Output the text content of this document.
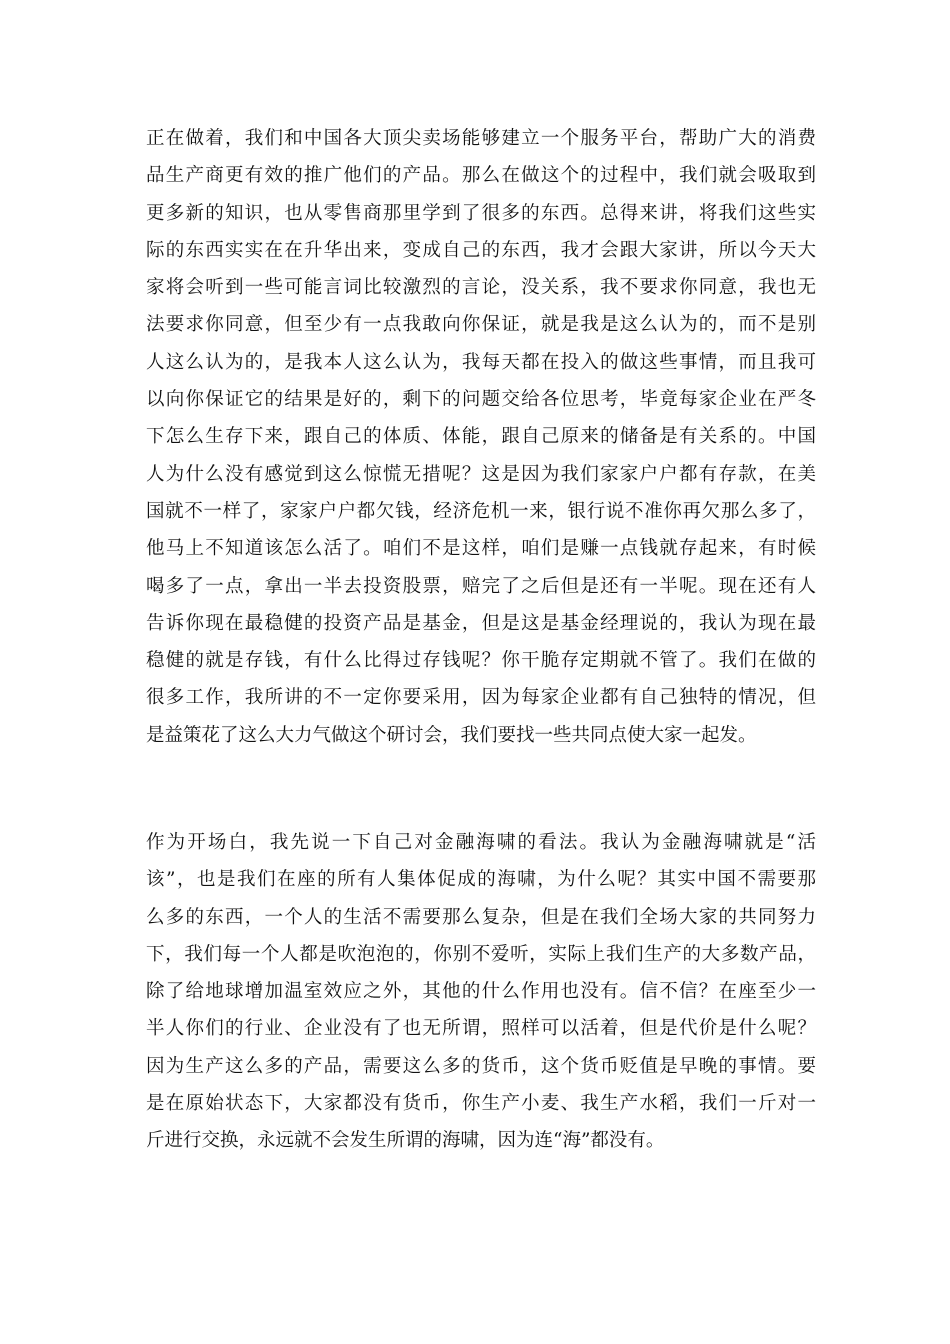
正在做着，我们和中国各大顶尖卖场能够建立一个服务平台，帮助广大的消费
品生产商更有效的推广他们的产品。那么在做这个的过程中，我们就会吸取到
更多新的知识，也从零售商那里学到了很多的东西。总得来讲，将我们这些实
际的东西实实在在升华出来，变成自己的东西，我才会跟大家讲，所以今天大
家将会听到一些可能言词比较激烈的言论，没关系，我不要求你同意，我也无
法要求你同意，但至少有一点我敢向你保证，就是我是这么认为的，而不是别
人这么认为的，是我本人这么认为，我每天都在投入的做这些事情，而且我可
以向你保证它的结果是好的，剩下的问题交给各位思考，毕竟每家企业在严冬
下怎么生存下来，跟自己的体质、体能，跟自己原来的储备是有关系的。中国
人为什么没有感觉到这么惊慌无措呢？这是因为我们家家户户都有存款，在美
国就不一样了，家家户户都欠钱，经济危机一来，银行说不准你再欠那么多了，
他马上不知道该怎么活了。咱们不是这样，咱们是赚一点钱就存起来，有时候
喝多了一点，拿出一半去投资股票，赔完了之后但是还有一半呢。现在还有人
告诉你现在最稳健的投资产品是基金，但是这是基金经理说的，我认为现在最
稳健的就是存钱，有什么比得过存钱呢？你干脆存定期就不管了。我们在做的
很多工作，我所讲的不一定你要采用，因为每家企业都有自己独特的情况，但
是益策花了这么大力气做这个研讨会，我们要找一些共同点使大家一起发。
作为开场白，我先说一下自己对金融海啸的看法。我认为金融海啸就是“活
该”，也是我们在座的所有人集体促成的海啸，为什么呢？其实中国不需要那
么多的东西，一个人的生活不需要那么复杂，但是在我们全场大家的共同努力
下，我们每一个人都是吹泡泡的，你别不爱听，实际上我们生产的大多数产品，
除了给地球增加温室效应之外，其他的什么作用也没有。信不信？在座至少一
半人你们的行业、企业没有了也无所谓，照样可以活着，但是代价是什么呢？
因为生产这么多的产品，需要这么多的货币，这个货币贬值是早晚的事情。要
是在原始状态下，大家都没有货币，你生产小麦、我生产水稻，我们一斤对一
斤进行交换，永远就不会发生所谓的海啸，因为连“海”都没有。
